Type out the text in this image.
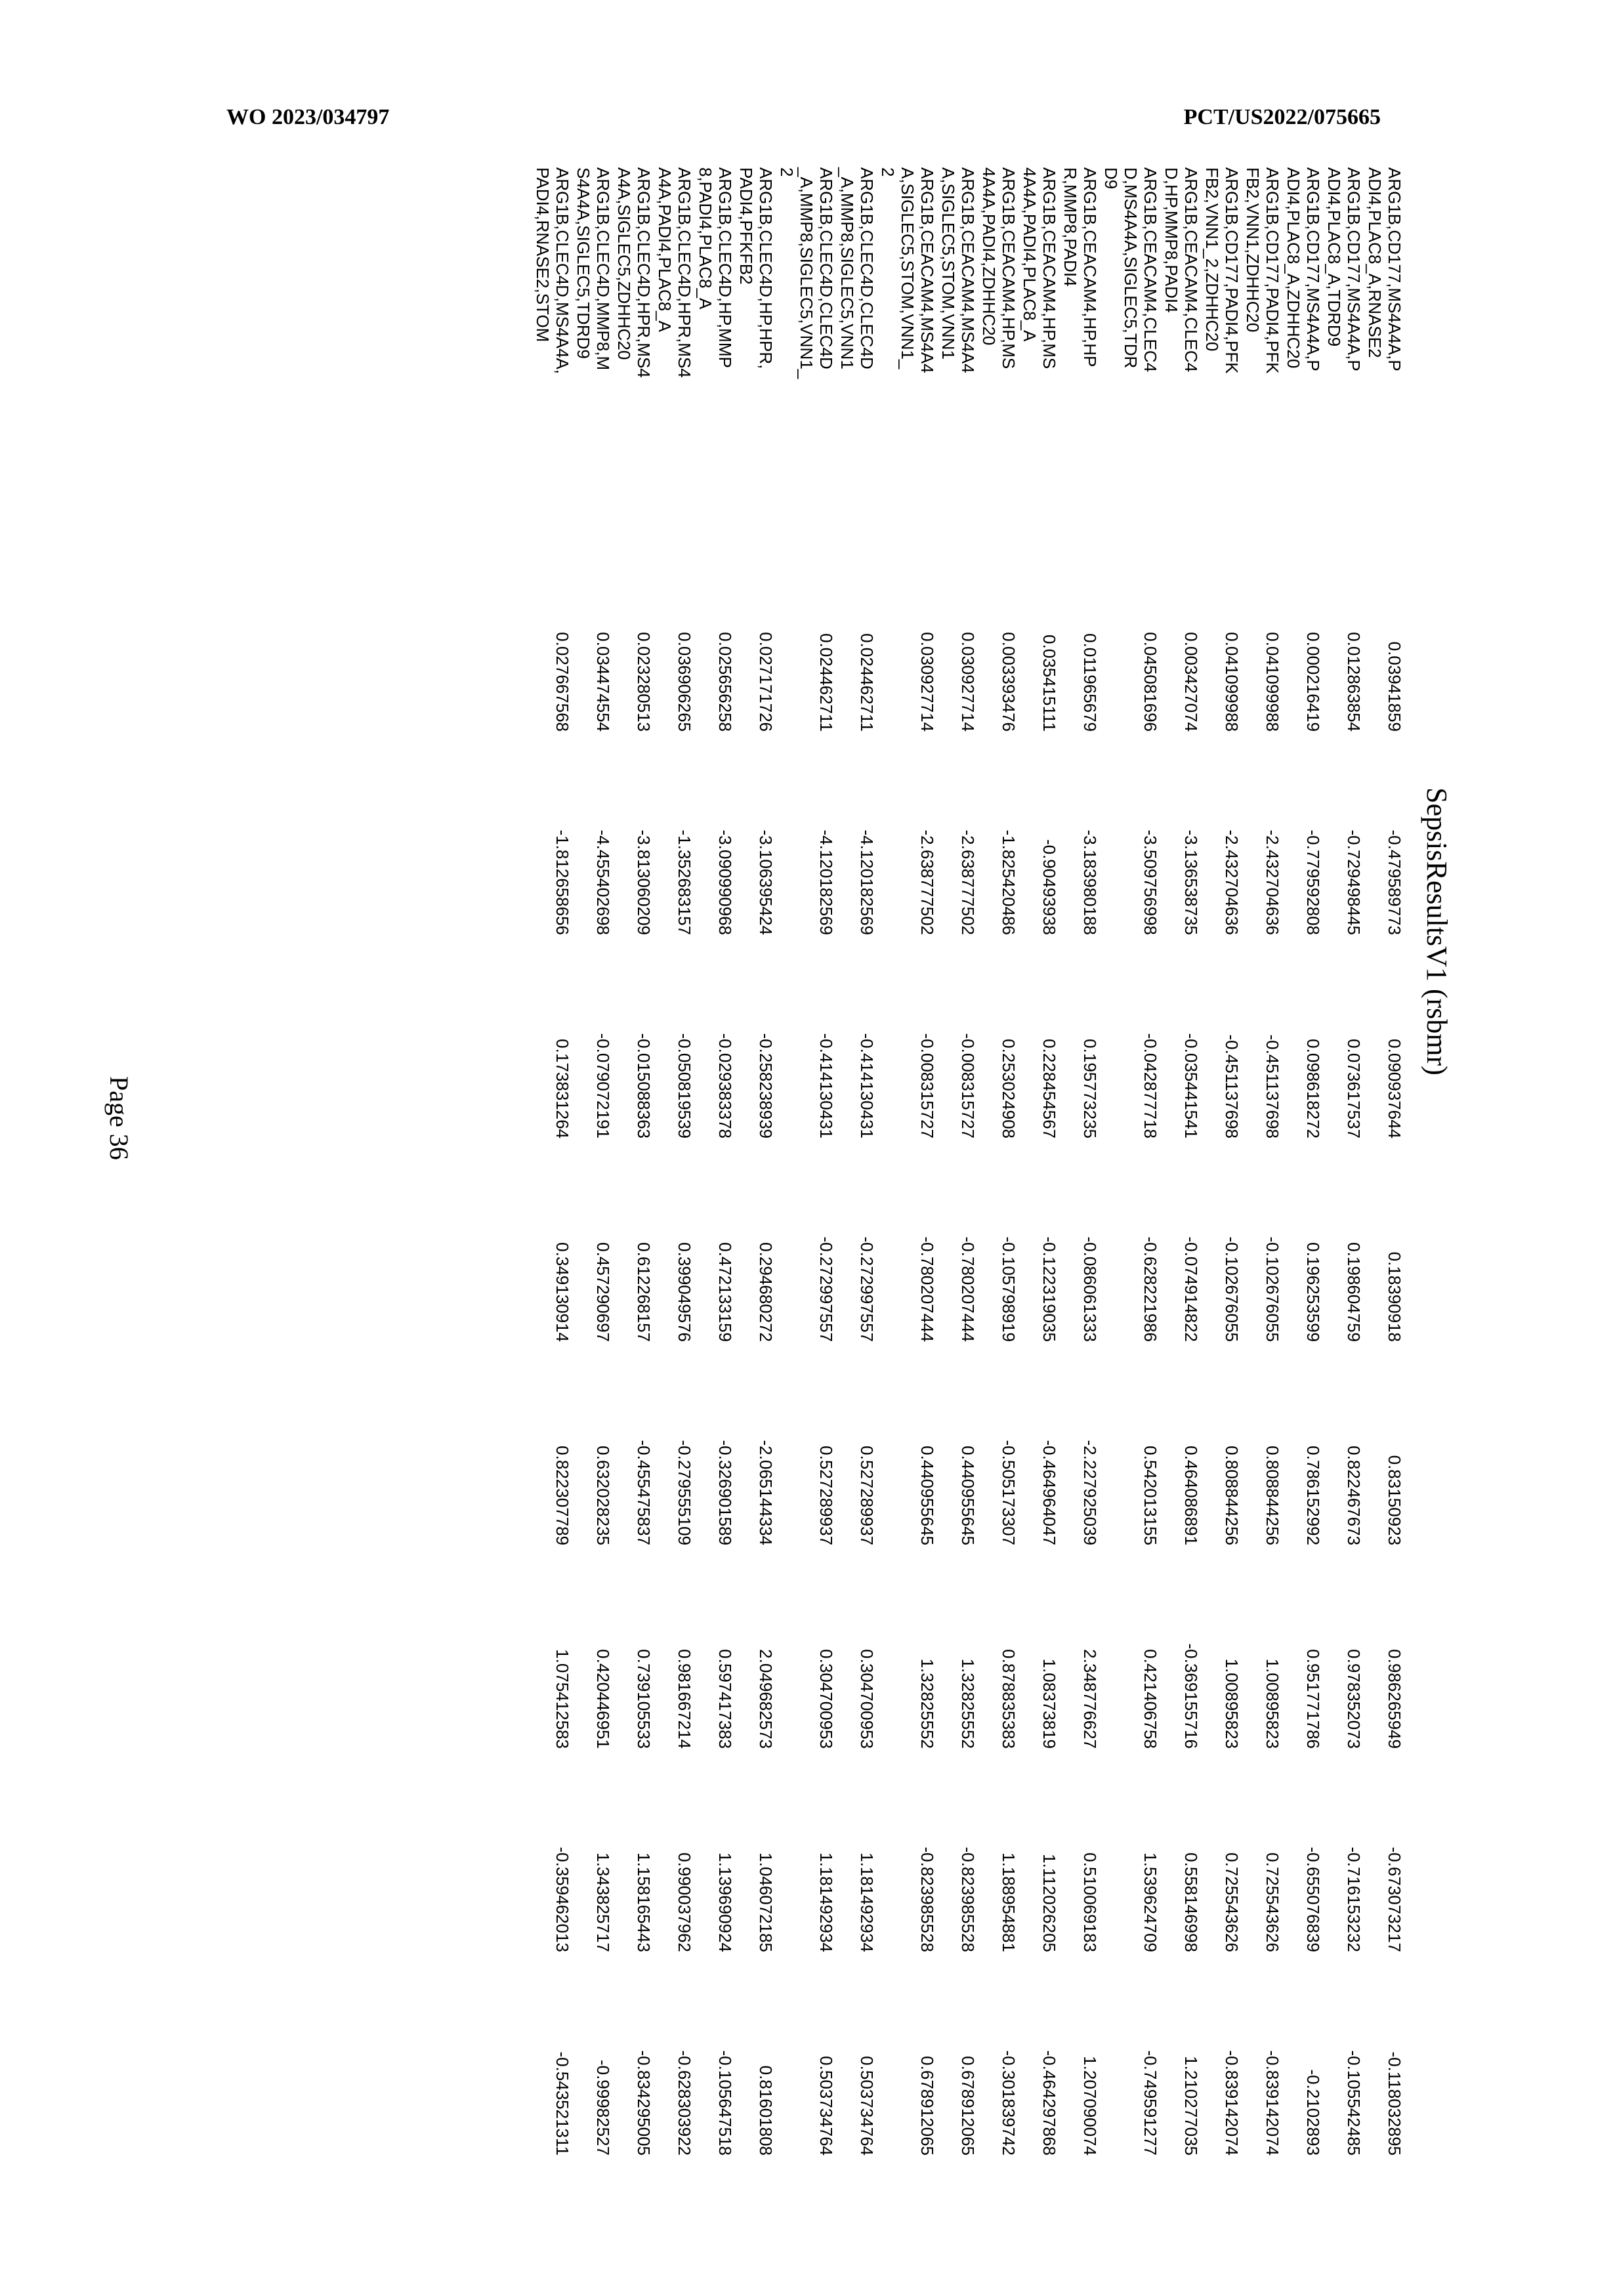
WO 2023/034797	PCT/US2022/075665
SepsisResultsV1 (rsbmr)
ARG1B,CD177,MS4A4A,P
ADI4,PLAC8_A,RNASE2	0.03941859	-0.479589773	0.090937644	0.18390918	0.83150923	0.986265949	-0.673073217	-0.118032895

ARG1B,CD177,MS4A4A,P
ADI4,PLAC8_A,TDRD9	0.012863854	-0.729498445	0.073617537	0.198604759	0.822467673	0.978352073	-0.716153232	-0.105542485

ARG1B,CD177,MS4A4A,P
ADI4,PLAC8_A,ZDHHC20	0.000216419	-0.779592808	0.098618272	0.196253599	0.786152992	0.951771786	-0.655076839	-0.2102893

ARG1B,CD177,PADI4,PFK
FB2,VNN1,ZDHHC20	0.041099988	-2.432704636	-0.451137698	-0.102676055	0.808844256	1.00895823	0.725543626	-0.839142074

ARG1B,CD177,PADI4,PFK
FB2,VNN1_2,ZDHHC20	0.041099988	-2.432704636	-0.451137698	-0.102676055	0.808844256	1.00895823	0.725543626	-0.839142074

ARG1B,CEACAM4,CLEC4
D,HP,MMP8,PADI4	0.003427074	-3.136538735	-0.035441541	-0.074914822	0.464086891	-0.369155716	0.558146998	1.210277035

ARG1B,CEACAM4,CLEC4
D,MS4A4A,SIGLEC5,TDR
D9	0.045081696	-3.509756998	-0.042877718	-0.628221986	0.542013155	0.421406758	1.539624709	-0.749591277

ARG1B,CEACAM4,HP,HP
R,MMP8,PADI4	0.011965679	-3.183980188	0.195773235	-0.086061333	-2.227925039	2.348776627	0.510069183	1.207090074

ARG1B,CEACAM4,HP,MS
4A4A,PADI4,PLAC8_A	0.035415111	-0.90493938	0.228454567	-0.122319035	-0.464964047	1.08373819	1.112026205	-0.464297868

ARG1B,CEACAM4,HP,MS
4A4A,PADI4,ZDHHC20	0.003393476	-1.825420486	0.253024908	-0.105798919	-0.505173307	0.878835383	1.188954881	-0.301839742

ARG1B,CEACAM4,MS4A4
A,SIGLEC5,STOM,VNN1	0.030927714	-2.638777502	-0.008315727	-0.780207444	0.440955645	1.32825552	-0.823985528	0.678912065

ARG1B,CEACAM4,MS4A4
A,SIGLEC5,STOM,VNN1_
2	0.030927714	-2.638777502	-0.008315727	-0.780207444	0.440955645	1.32825552	-0.823985528	0.678912065

ARG1B,CLEC4D,CLEC4D
_A,MMP8,SIGLEC5,VNN1	0.024462711	-4.120182569	-0.414130431	-0.272997557	0.527289937	0.304700953	1.181492934	0.503734764

ARG1B,CLEC4D,CLEC4D
_A,MMP8,SIGLEC5,VNN1_
2	0.024462711	-4.120182569	-0.414130431	-0.272997557	0.527289937	0.304700953	1.181492934	0.503734764

ARG1B,CLEC4D,HP,HPR,
PADI4,PFKFB2	0.027171726	-3.106395424	-0.258238939	0.294680272	-2.065144334	2.049682573	1.046072185	0.81601808

ARG1B,CLEC4D,HP,MMP
8,PADI4,PLAC8_A	0.025656258	-3.090990968	-0.029383378	0.472133159	-0.326901589	0.597417383	1.139690924	-0.105647518

ARG1B,CLEC4D,HPR,MS4
A4A,PADI4,PLAC8_A	0.036906265	-1.352683157	-0.050819539	0.399049576	-0.279555109	0.981667214	0.990037962	-0.628303922

ARG1B,CLEC4D,HPR,MS4
A4A,SIGLEC5,ZDHHC20	0.023280513	-3.813060209	-0.015088363	0.612268157	-0.455475837	0.739105533	1.158165443	-0.834295005

ARG1B,CLEC4D,MMP8,M
S4A4A,SIGLEC5,TDRD9	0.034474554	-4.455402698	-0.079072191	0.457290697	0.632028235	0.420446951	1.343825717	-0.99982527

ARG1B,CLEC4D,MS4A4A,
PADI4,RNASE2,STOM	0.027667568	-1.812658656	0.173831264	0.349130914	0.822307789	1.075412583	-0.359462013	-0.543521311
Page 36
